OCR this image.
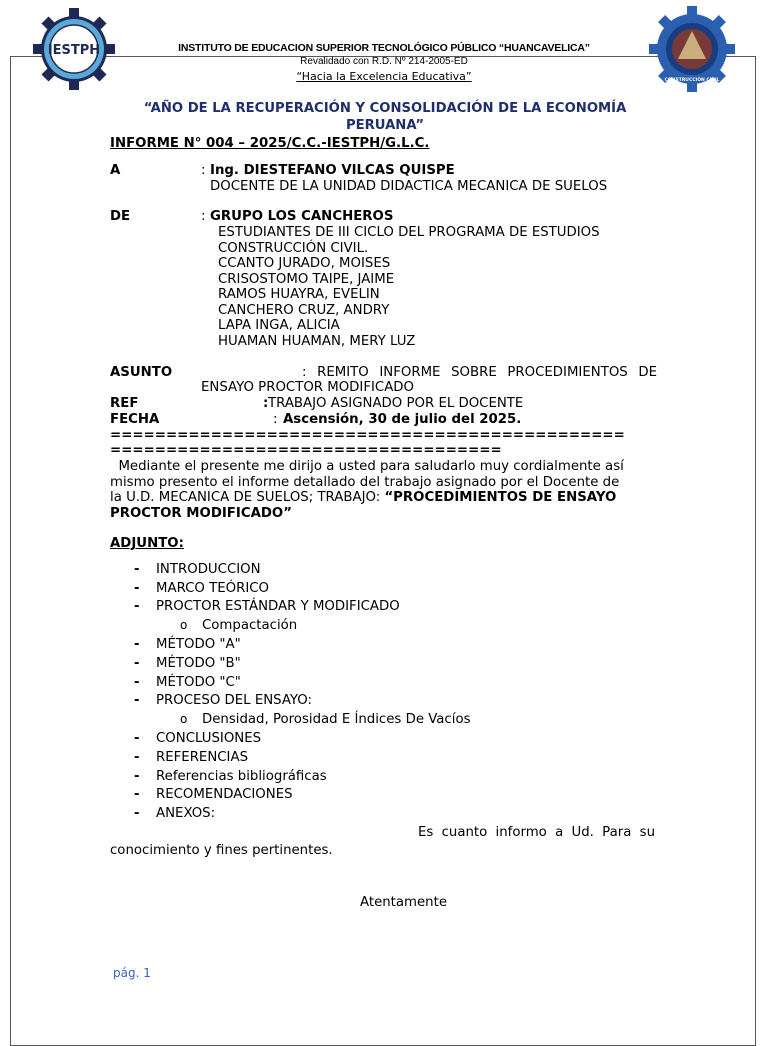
IESTPH
CONSTRUCCIÓN CIVIL
INSTITUTO DE EDUCACION SUPERIOR TECNOLÓGICO PÚBLICO “HUANCAVELICA”
Revalidado con R.D. Nº 214-2005-ED
“Hacia la Excelencia Educativa”
“AÑO DE LA RECUPERACIÓN Y CONSOLIDACIÓN DE LA ECONOMÍA PERUANA”
INFORME N° 004 – 2025/C.C.-IESTPH/G.L.C.
A	: Ing. DIESTEFANO VILCAS QUISPE
DOCENTE DE LA UNIDAD DIDACTICA MECANICA DE SUELOS
DE	: GRUPO LOS CANCHEROS
ESTUDIANTES DE III CICLO DEL PROGRAMA DE ESTUDIOS
CONSTRUCCIÓN CIVIL.
CCANTO JURADO, MOISES
CRISOSTOMO TAIPE, JAIME
RAMOS HUAYRA, EVELIN
CANCHERO CRUZ, ANDRY
LAPA INGA, ALICIA
HUAMAN HUAMAN, MERY LUZ
ASUNTO	: REMITO INFORME SOBRE PROCEDIMIENTOS DE
ENSAYO PROCTOR MODIFICADO
REF	: TRABAJO ASIGNADO POR EL DOCENTE
FECHA	: Ascensión, 30 de julio del 2025.
==============================================
===================================
Mediante el presente me dirijo a usted para saludarlo muy cordialmente así
mismo presento el informe detallado del trabajo asignado por el Docente de
la U.D. MECANICA DE SUELOS; TRABAJO: “PROCEDIMIENTOS DE ENSAYO
PROCTOR MODIFICADO”
ADJUNTO:
- INTRODUCCION
- MARCO TEÓRICO
- PROCTOR ESTÁNDAR Y MODIFICADO
o Compactación
- MÉTODO "A"
- MÉTODO "B"
- MÉTODO "C"
- PROCESO DEL ENSAYO:
o Densidad, Porosidad E Índices De Vacíos
- CONCLUSIONES
- REFERENCIAS
- Referencias bibliográficas
- RECOMENDACIONES
- ANEXOS:
Es cuanto informo a Ud. Para su
conocimiento y fines pertinentes.
Atentamente
pág. 1
